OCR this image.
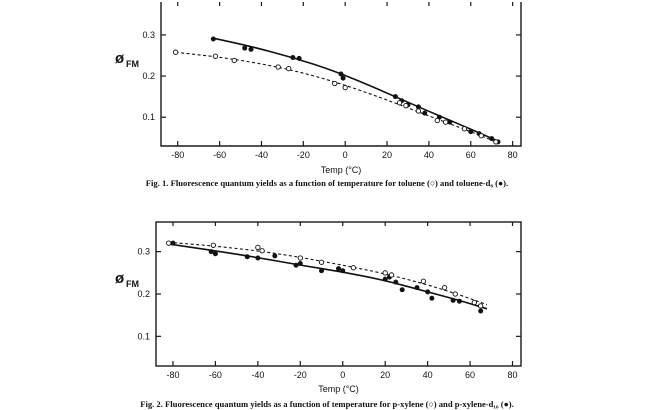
-80	-60	-40	-20	0	20	40	60	80
0.1
0.2
0.3
ø FM
Temp (°C)
Fig. 1. Fluorescence quantum yields as a function of temperature for toluene (○) and toluene-d₈ (●).
-80	-60	-40	-20	0	20	40	60	80
0.1
0.2
0.3
ø FM
Temp (°C)
Fig. 2. Fluorescence quantum yields as a function of temperature for p-xylene (○) and p-xylene-d₁₀ (●).
